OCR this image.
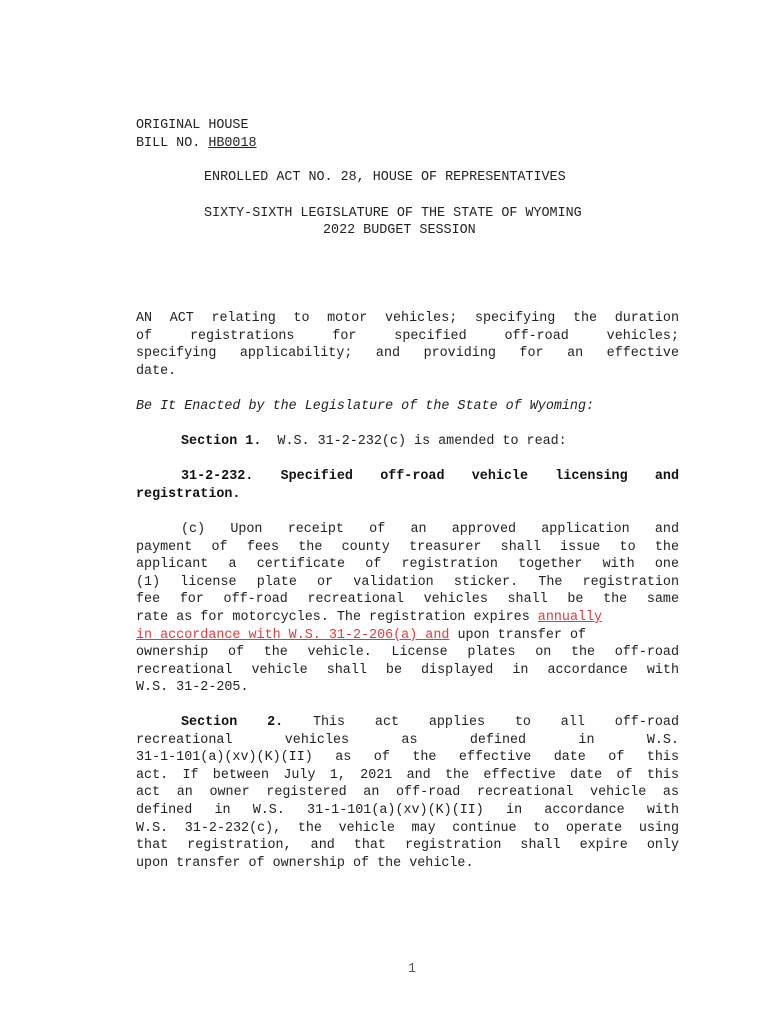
ORIGINAL HOUSE
BILL NO. HB0018
ENROLLED ACT NO. 28, HOUSE OF REPRESENTATIVES
SIXTY-SIXTH LEGISLATURE OF THE STATE OF WYOMING
2022 BUDGET SESSION
AN ACT relating to motor vehicles; specifying the duration
of registrations for specified off-road vehicles;
specifying applicability; and providing for an effective
date.
Be It Enacted by the Legislature of the State of Wyoming:
Section 1.  W.S. 31-2-232(c) is amended to read:
31-2-232. Specified off-road vehicle licensing and
registration.
(c) Upon receipt of an approved application and
payment of fees the county treasurer shall issue to the
applicant a certificate of registration together with one
(1) license plate or validation sticker. The registration
fee for off-road recreational vehicles shall be the same
rate as for motorcycles. The registration expires annually
in accordance with W.S. 31-2-206(a) and upon transfer of
ownership of the vehicle. License plates on the off-road
recreational vehicle shall be displayed in accordance with
W.S. 31-2-205.
Section 2. This act applies to all off-road
recreational vehicles as defined in W.S.
31-1-101(a)(xv)(K)(II) as of the effective date of this
act. If between July 1, 2021 and the effective date of this
act an owner registered an off-road recreational vehicle as
defined in W.S. 31-1-101(a)(xv)(K)(II) in accordance with
W.S. 31-2-232(c), the vehicle may continue to operate using
that registration, and that registration shall expire only
upon transfer of ownership of the vehicle.
1
